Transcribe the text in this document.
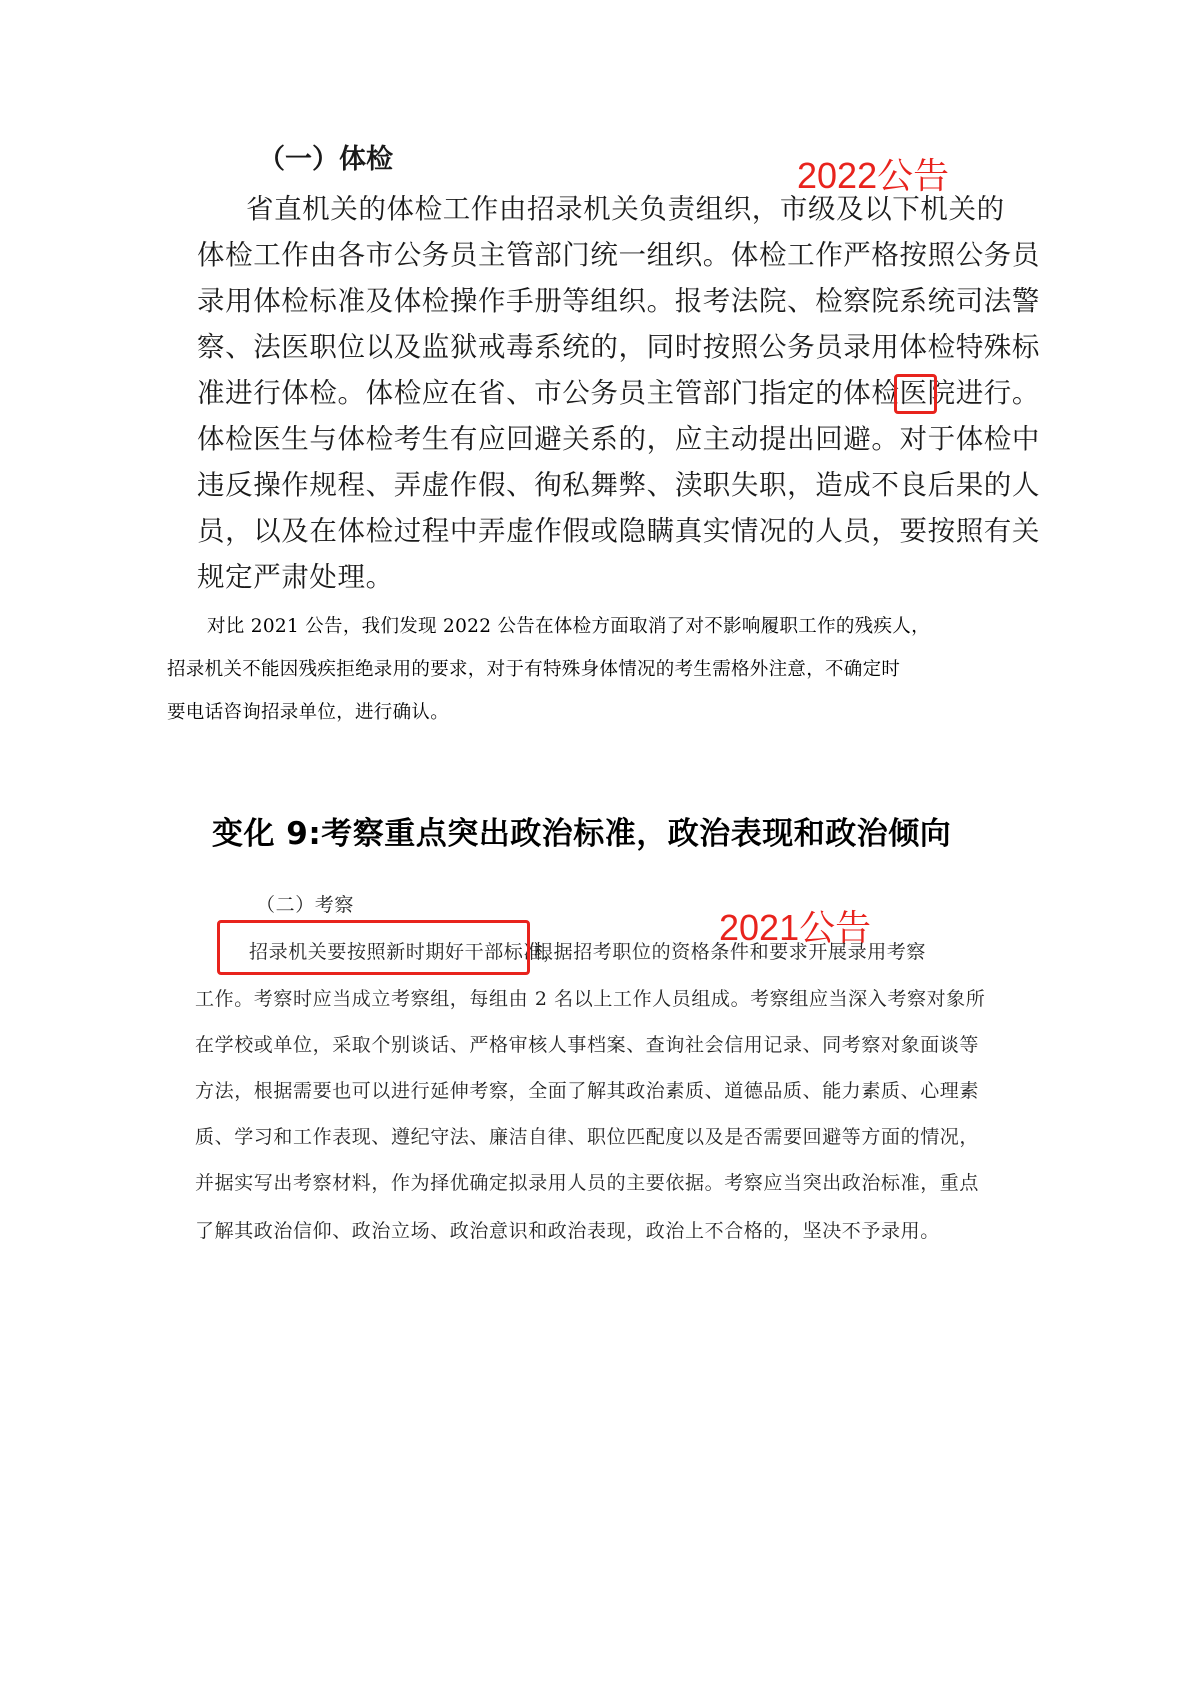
（一）体检	2022公告
省直机关的体检工作由招录机关负责组织，市级及以下机关的
体检工作由各市公务员主管部门统一组织。体检工作严格按照公务员
录用体检标准及体检操作手册等组织。报考法院、检察院系统司法警
察、法医职位以及监狱戒毒系统的，同时按照公务员录用体检特殊标
准进行体检。体检应在省、市公务员主管部门指定的体检医院进行。
体检医生与体检考生有应回避关系的，应主动提出回避。对于体检中
违反操作规程、弄虚作假、徇私舞弊、渎职失职，造成不良后果的人
员，以及在体检过程中弄虚作假或隐瞒真实情况的人员，要按照有关
规定严肃处理。
对比 2021 公告，我们发现 2022 公告在体检方面取消了对不影响履职工作的残疾人，
招录机关不能因残疾拒绝录用的要求，对于有特殊身体情况的考生需格外注意，不确定时
要电话咨询招录单位，进行确认。
变化 9:考察重点突出政治标准，政治表现和政治倾向
（二）考察
2021公告
招录机关要按照新时期好干部标准，
根据招考职位的资格条件和要求开展录用考察
工作。考察时应当成立考察组，每组由 2 名以上工作人员组成。考察组应当深入考察对象所
在学校或单位，采取个别谈话、严格审核人事档案、查询社会信用记录、同考察对象面谈等
方法，根据需要也可以进行延伸考察，全面了解其政治素质、道德品质、能力素质、心理素
质、学习和工作表现、遵纪守法、廉洁自律、职位匹配度以及是否需要回避等方面的情况，
并据实写出考察材料，作为择优确定拟录用人员的主要依据。考察应当突出政治标准，重点
了解其政治信仰、政治立场、政治意识和政治表现，政治上不合格的，坚决不予录用。
